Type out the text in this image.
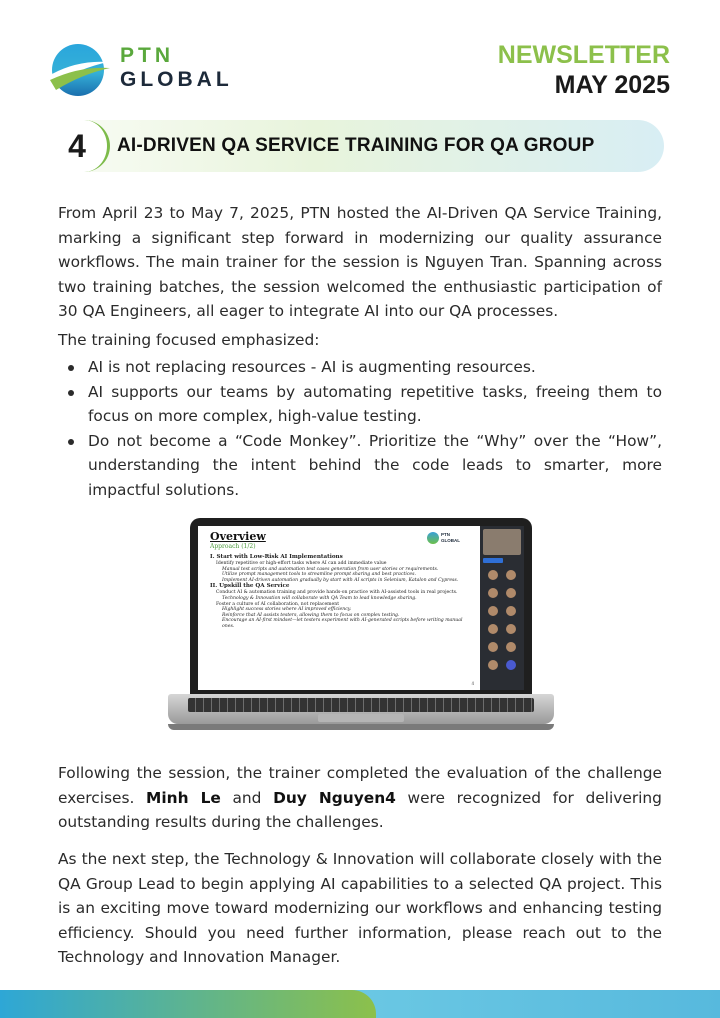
PTN
GLOBAL
NEWSLETTER
MAY 2025
4	AI-DRIVEN QA SERVICE TRAINING FOR QA GROUP

From April 23 to May 7, 2025, PTN hosted the AI-Driven QA Service Training, marking a significant step forward in modernizing our quality assurance workflows. The main trainer for the session is Nguyen Tran. Spanning across two training batches, the session welcomed the enthusiastic participation of 30 QA Engineers, all eager to integrate AI into our QA processes.

The training focused emphasized:

AI is not replacing resources - AI is augmenting resources.
AI supports our teams by automating repetitive tasks, freeing them to focus on more complex, high-value testing.
Do not become a “Code Monkey”. Prioritize the “Why” over the “How”, understanding the intent behind the code leads to smarter, more impactful solutions.
Overview
Approach (1/2)
PTN
GLOBAL
I. Start with Low-Risk AI Implementations
Identify repetitive or high-effort tasks where AI can add immediate value
Manual test scripts and automation test cases generation from user stories or requirements.
Utilize prompt management tools to streamline prompt sharing and best practices.
Implement AI-driven automation gradually by start with AI scripts in Selenium, Katalon and Cypress.
II. Upskill the QA Service
Conduct AI & automation training and provide hands-on practice with AI-assisted tools in real projects.
Technology & Innovation will collaborate with QA Team to lead knowledge sharing.
Foster a culture of AI collaboration, not replacement
Highlight success stories where AI improved efficiency.
Reinforce that AI assists testers, allowing them to focus on complex testing.
Encourage an AI-first mindset—let testers experiment with AI-generated scripts before writing manual ones.
4

Following the session, the trainer completed the evaluation of the challenge exercises. Minh Le and Duy Nguyen4 were recognized for delivering outstanding results during the challenges.

As the next step, the Technology & Innovation will collaborate closely with the QA Group Lead to begin applying AI capabilities to a selected QA project. This is an exciting move toward modernizing our workflows and enhancing testing efficiency. Should you need further information, please reach out to the Technology and Innovation Manager.
